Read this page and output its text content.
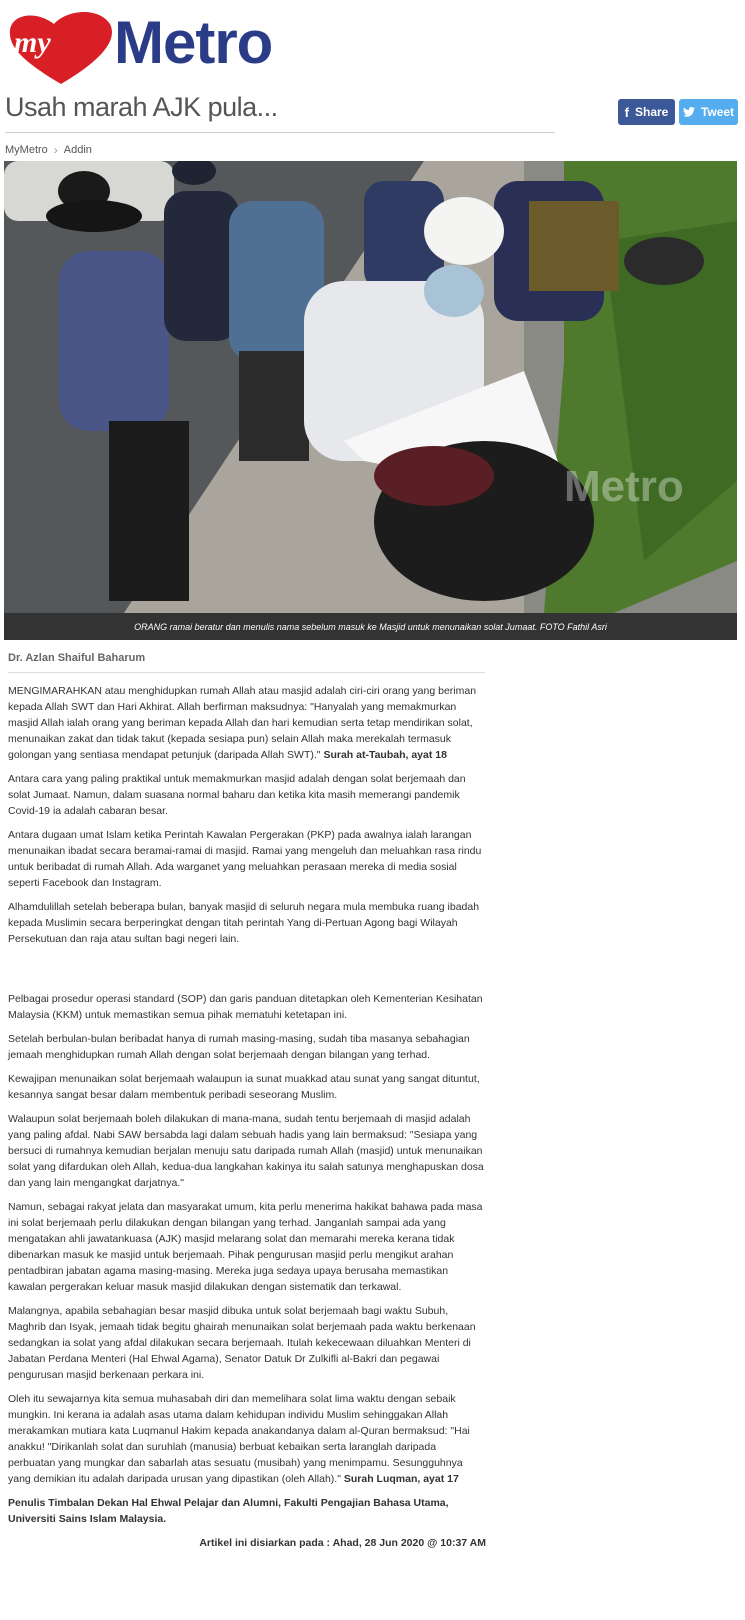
my Metro
Usah marah AJK pula...	f Share	Tweet
MyMetro › Addin
Metro
ORANG ramai beratur dan menulis nama sebelum masuk ke Masjid untuk menunaikan solat Jumaat. FOTO Fathil Asri
Dr. Azlan Shaiful Baharum

MENGIMARAHKAN atau menghidupkan rumah Allah atau masjid adalah ciri-ciri orang yang beriman kepada Allah SWT dan Hari Akhirat. Allah berfirman maksudnya: "Hanyalah yang memakmurkan masjid Allah ialah orang yang beriman kepada Allah dan hari kemudian serta tetap mendirikan solat, menunaikan zakat dan tidak takut (kepada sesiapa pun) selain Allah maka merekalah termasuk golongan yang sentiasa mendapat petunjuk (daripada Allah SWT)." Surah at-Taubah, ayat 18

Antara cara yang paling praktikal untuk memakmurkan masjid adalah dengan solat berjemaah dan solat Jumaat. Namun, dalam suasana normal baharu dan ketika kita masih memerangi pandemik Covid-19 ia adalah cabaran besar.

Antara dugaan umat Islam ketika Perintah Kawalan Pergerakan (PKP) pada awalnya ialah larangan menunaikan ibadat secara beramai-ramai di masjid. Ramai yang mengeluh dan meluahkan rasa rindu untuk beribadat di rumah Allah. Ada warganet yang meluahkan perasaan mereka di media sosial seperti Facebook dan Instagram.

Alhamdulillah setelah beberapa bulan, banyak masjid di seluruh negara mula membuka ruang ibadah kepada Muslimin secara berperingkat dengan titah perintah Yang di-Pertuan Agong bagi Wilayah Persekutuan dan raja atau sultan bagi negeri lain.

Pelbagai prosedur operasi standard (SOP) dan garis panduan ditetapkan oleh Kementerian Kesihatan Malaysia (KKM) untuk memastikan semua pihak mematuhi ketetapan ini.

Setelah berbulan-bulan beribadat hanya di rumah masing-masing, sudah tiba masanya sebahagian jemaah menghidupkan rumah Allah dengan solat berjemaah dengan bilangan yang terhad.

Kewajipan menunaikan solat berjemaah walaupun ia sunat muakkad atau sunat yang sangat dituntut, kesannya sangat besar dalam membentuk peribadi seseorang Muslim.

Walaupun solat berjemaah boleh dilakukan di mana-mana, sudah tentu berjemaah di masjid adalah yang paling afdal. Nabi SAW bersabda lagi dalam sebuah hadis yang lain bermaksud: "Sesiapa yang bersuci di rumahnya kemudian berjalan menuju satu daripada rumah Allah (masjid) untuk menunaikan solat yang difardukan oleh Allah, kedua-dua langkahan kakinya itu salah satunya menghapuskan dosa dan yang lain mengangkat darjatnya."

Namun, sebagai rakyat jelata dan masyarakat umum, kita perlu menerima hakikat bahawa pada masa ini solat berjemaah perlu dilakukan dengan bilangan yang terhad. Janganlah sampai ada yang mengatakan ahli jawatankuasa (AJK) masjid melarang solat dan memarahi mereka kerana tidak dibenarkan masuk ke masjid untuk berjemaah. Pihak pengurusan masjid perlu mengikut arahan pentadbiran jabatan agama masing-masing. Mereka juga sedaya upaya berusaha memastikan kawalan pergerakan keluar masuk masjid dilakukan dengan sistematik dan terkawal.

Malangnya, apabila sebahagian besar masjid dibuka untuk solat berjemaah bagi waktu Subuh, Maghrib dan Isyak, jemaah tidak begitu ghairah menunaikan solat berjemaah pada waktu berkenaan sedangkan ia solat yang afdal dilakukan secara berjemaah. Itulah kekecewaan diluahkan Menteri di Jabatan Perdana Menteri (Hal Ehwal Agama), Senator Datuk Dr Zulkifli al-Bakri dan pegawai pengurusan masjid berkenaan perkara ini.

Oleh itu sewajarnya kita semua muhasabah diri dan memelihara solat lima waktu dengan sebaik mungkin. Ini kerana ia adalah asas utama dalam kehidupan individu Muslim sehinggakan Allah merakamkan mutiara kata Luqmanul Hakim kepada anakandanya dalam al-Quran bermaksud: "Hai anakku! "Dirikanlah solat dan suruhlah (manusia) berbuat kebaikan serta laranglah daripada perbuatan yang mungkar dan sabarlah atas sesuatu (musibah) yang menimpamu. Sesungguhnya yang demikian itu adalah daripada urusan yang dipastikan (oleh Allah)." Surah Luqman, ayat 17

Penulis Timbalan Dekan Hal Ehwal Pelajar dan Alumni, Fakulti Pengajian Bahasa Utama, Universiti Sains Islam Malaysia.

Artikel ini disiarkan pada : Ahad, 28 Jun 2020 @ 10:37 AM
